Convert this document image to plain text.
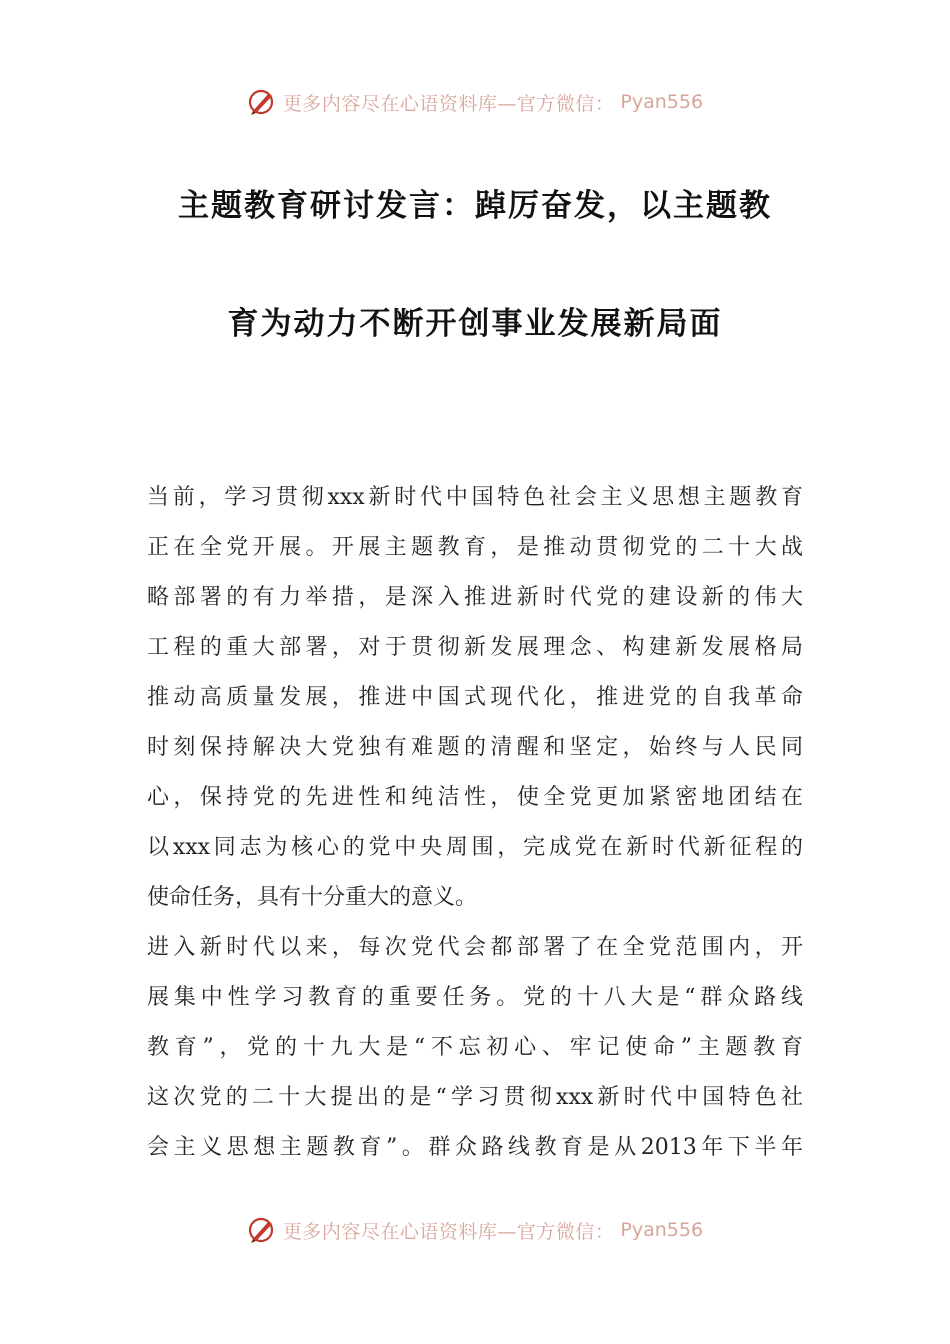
更多内容尽在心语资料库—官方微信： Pyan556
主题教育研讨发言：踔厉奋发，以主题教
育为动力不断开创事业发展新局面
当前，学习贯彻xxx新时代中国特色社会主义思想主题教育
正在全党开展。开展主题教育，是推动贯彻党的二十大战
略部署的有力举措，是深入推进新时代党的建设新的伟大
工程的重大部署，对于贯彻新发展理念、构建新发展格局
推动高质量发展，推进中国式现代化，推进党的自我革命
时刻保持解决大党独有难题的清醒和坚定，始终与人民同
心，保持党的先进性和纯洁性，使全党更加紧密地团结在
以xxx同志为核心的党中央周围，完成党在新时代新征程的
使命任务，具有十分重大的意义。
进入新时代以来，每次党代会都部署了在全党范围内，开
展集中性学习教育的重要任务。党的十八大是“群众路线
教育”，党的十九大是“不忘初心、牢记使命”主题教育
这次党的二十大提出的是“学习贯彻xxx新时代中国特色社
会主义思想主题教育”。群众路线教育是从2013年下半年
更多内容尽在心语资料库—官方微信： Pyan556
